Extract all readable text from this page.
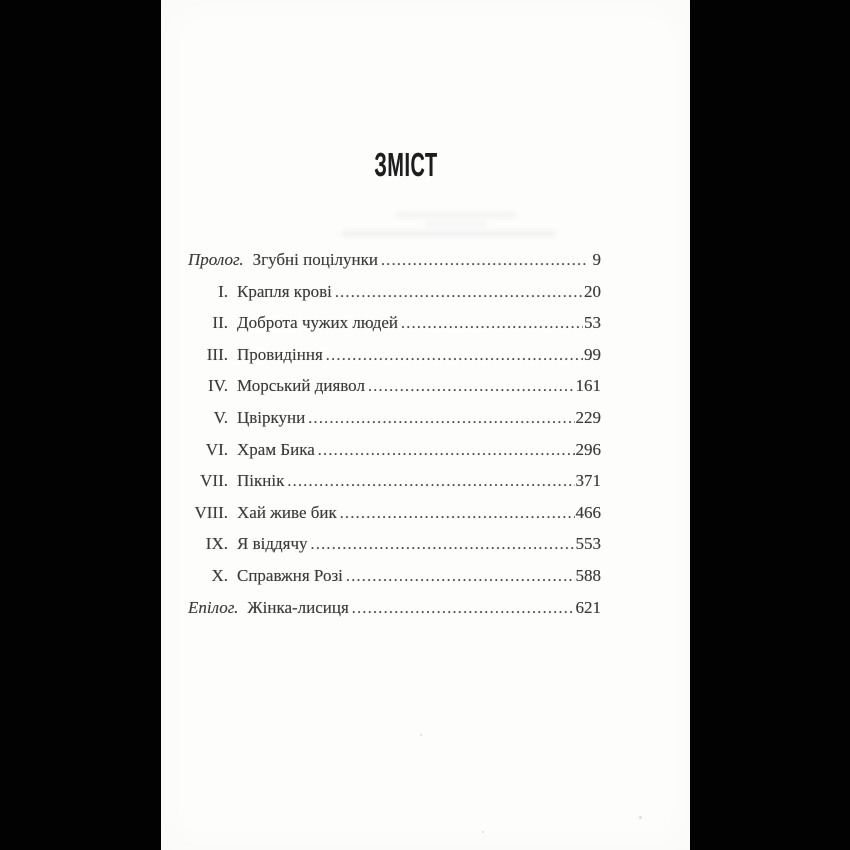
ЗМІСТ
Пролог. Згубні поцілунки .....	9
I. Крапля крові .....	20
II. Доброта чужих людей .....	53
III. Провидіння .....	99
IV. Морський диявол .....	161
V. Цвіркуни .....	229
VI. Храм Бика .....	296
VII. Пікнік .....	371
VIII. Хай живе бик .....	466
IX. Я віддячу .....	553
X. Справжня Розі .....	588
Епілог. Жінка-лисиця .....	621
